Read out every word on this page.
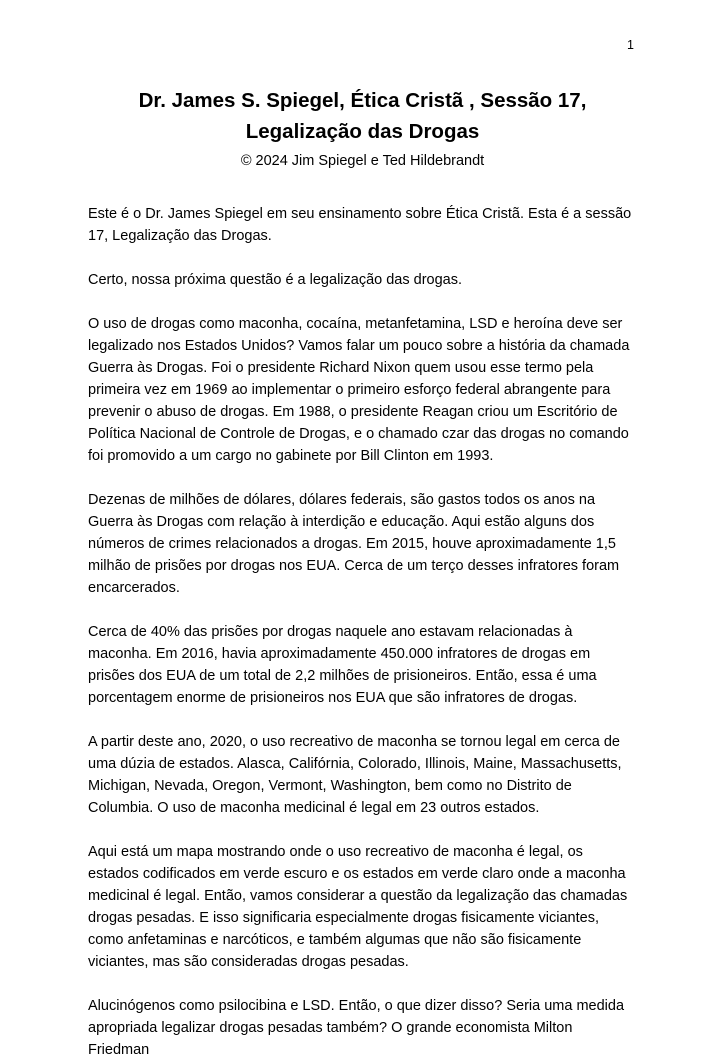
1
Dr. James S. Spiegel, Ética Cristã , Sessão 17,
Legalização das Drogas
© 2024 Jim Spiegel e Ted Hildebrandt

Este é o Dr. James Spiegel em seu ensinamento sobre Ética Cristã. Esta é a sessão 17, Legalização das Drogas.

Certo, nossa próxima questão é a legalização das drogas.

O uso de drogas como maconha, cocaína, metanfetamina, LSD e heroína deve ser legalizado nos Estados Unidos? Vamos falar um pouco sobre a história da chamada Guerra às Drogas. Foi o presidente Richard Nixon quem usou esse termo pela primeira vez em 1969 ao implementar o primeiro esforço federal abrangente para prevenir o abuso de drogas. Em 1988, o presidente Reagan criou um Escritório de Política Nacional de Controle de Drogas, e o chamado czar das drogas no comando foi promovido a um cargo no gabinete por Bill Clinton em 1993.

Dezenas de milhões de dólares, dólares federais, são gastos todos os anos na Guerra às Drogas com relação à interdição e educação. Aqui estão alguns dos números de crimes relacionados a drogas. Em 2015, houve aproximadamente 1,5 milhão de prisões por drogas nos EUA. Cerca de um terço desses infratores foram encarcerados.

Cerca de 40% das prisões por drogas naquele ano estavam relacionadas à maconha. Em 2016, havia aproximadamente 450.000 infratores de drogas em prisões dos EUA de um total de 2,2 milhões de prisioneiros. Então, essa é uma porcentagem enorme de prisioneiros nos EUA que são infratores de drogas.

A partir deste ano, 2020, o uso recreativo de maconha se tornou legal em cerca de uma dúzia de estados. Alasca, Califórnia, Colorado, Illinois, Maine, Massachusetts, Michigan, Nevada, Oregon, Vermont, Washington, bem como no Distrito de Columbia. O uso de maconha medicinal é legal em 23 outros estados.

Aqui está um mapa mostrando onde o uso recreativo de maconha é legal, os estados codificados em verde escuro e os estados em verde claro onde a maconha medicinal é legal. Então, vamos considerar a questão da legalização das chamadas drogas pesadas. E isso significaria especialmente drogas fisicamente viciantes, como anfetaminas e narcóticos, e também algumas que não são fisicamente viciantes, mas são consideradas drogas pesadas.

Alucinógenos como psilocibina e LSD. Então, o que dizer disso? Seria uma medida apropriada legalizar drogas pesadas também? O grande economista Milton Friedman
